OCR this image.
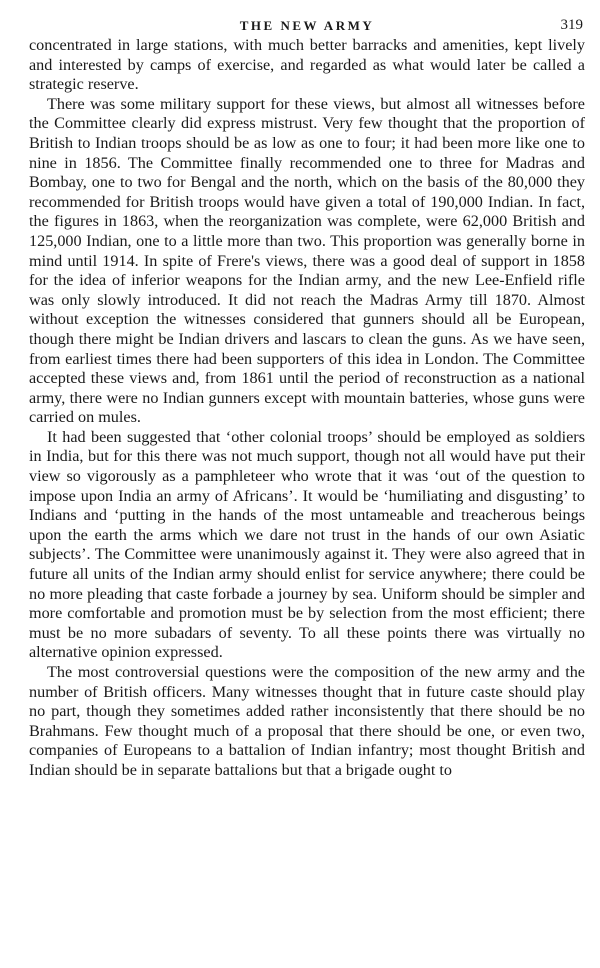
THE NEW ARMY	319

concentrated in large stations, with much better barracks and amenities, kept lively and interested by camps of exercise, and regarded as what would later be called a strategic reserve.

There was some military support for these views, but almost all witnesses before the Committee clearly did express mistrust. Very few thought that the proportion of British to Indian troops should be as low as one to four; it had been more like one to nine in 1856. The Committee finally recommended one to three for Madras and Bombay, one to two for Bengal and the north, which on the basis of the 80,000 they recommended for British troops would have given a total of 190,000 Indian. In fact, the figures in 1863, when the reorganization was complete, were 62,000 British and 125,000 Indian, one to a little more than two. This proportion was generally borne in mind until 1914. In spite of Frere's views, there was a good deal of support in 1858 for the idea of inferior weapons for the Indian army, and the new Lee-Enfield rifle was only slowly introduced. It did not reach the Madras Army till 1870. Almost without exception the witnesses considered that gunners should all be European, though there might be Indian drivers and lascars to clean the guns. As we have seen, from earliest times there had been supporters of this idea in London. The Committee accepted these views and, from 1861 until the period of reconstruction as a national army, there were no Indian gunners except with mountain batteries, whose guns were carried on mules.

It had been suggested that ‘other colonial troops’ should be employed as soldiers in India, but for this there was not much support, though not all would have put their view so vigorously as a pamphleteer who wrote that it was ‘out of the question to impose upon India an army of Africans’. It would be ‘humiliating and disgusting’ to Indians and ‘putting in the hands of the most untameable and treacherous beings upon the earth the arms which we dare not trust in the hands of our own Asiatic subjects’. The Committee were unanimously against it. They were also agreed that in future all units of the Indian army should enlist for service anywhere; there could be no more pleading that caste forbade a journey by sea. Uniform should be simpler and more comfortable and promotion must be by selection from the most efficient; there must be no more subadars of seventy. To all these points there was virtually no alternative opinion expressed.

The most controversial questions were the composition of the new army and the number of British officers. Many witnesses thought that in future caste should play no part, though they sometimes added rather inconsistently that there should be no Brahmans. Few thought much of a proposal that there should be one, or even two, companies of Europeans to a battalion of Indian infantry; most thought British and Indian should be in separate battalions but that a brigade ought to
